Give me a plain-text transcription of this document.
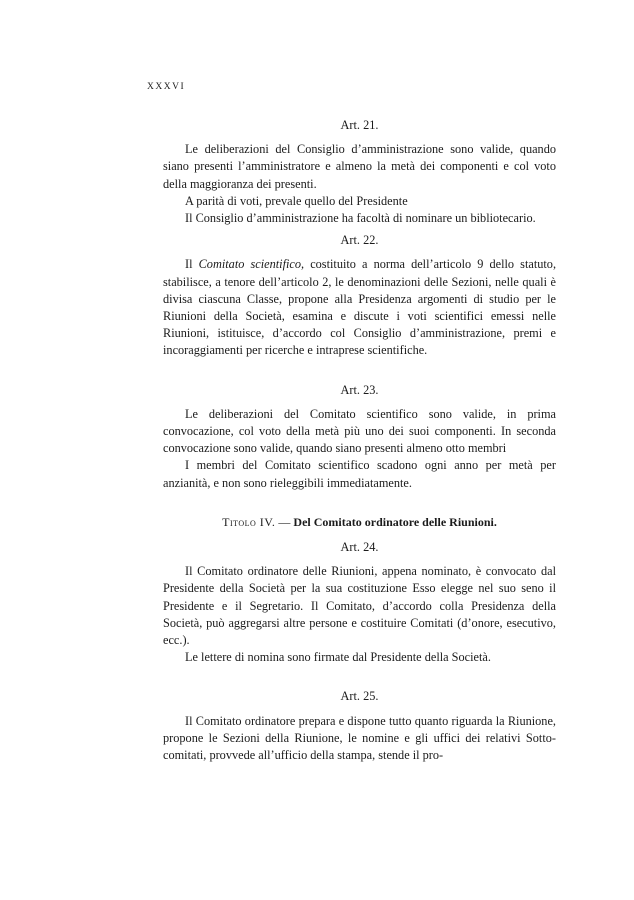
XXXVI
Art. 21.

Le deliberazioni del Consiglio d’amministrazione sono valide, quando siano presenti l’amministratore e almeno la metà dei componenti e col voto della maggioranza dei presenti.

A parità di voti, prevale quello del Presidente

Il Consiglio d’amministrazione ha facoltà di nominare un bibliotecario.

Art. 22.

Il Comitato scientifico, costituito a norma dell’articolo 9 dello statuto, stabilisce, a tenore dell’articolo 2, le denominazioni delle Sezioni, nelle quali è divisa ciascuna Classe, propone alla Presidenza argomenti di studio per le Riunioni della Società, esamina e discute i voti scientifici emessi nelle Riunioni, istituisce, d’accordo col Consiglio d’amministrazione, premi e incoraggiamenti per ricerche e intraprese scientifiche.

Art. 23.

Le deliberazioni del Comitato scientifico sono valide, in prima convocazione, col voto della metà più uno dei suoi componenti. In seconda convocazione sono valide, quando siano presenti almeno otto membri

I membri del Comitato scientifico scadono ogni anno per metà per anzianità, e non sono rieleggibili immediatamente.

Titolo IV. — Del Comitato ordinatore delle Riunioni.
Art. 24.

Il Comitato ordinatore delle Riunioni, appena nominato, è convocato dal Presidente della Società per la sua costituzione Esso elegge nel suo seno il Presidente e il Segretario. Il Comitato, d’accordo colla Presidenza della Società, può aggregarsi altre persone e costituire Comitati (d’onore, esecutivo, ecc.).

Le lettere di nomina sono firmate dal Presidente della Società.

Art. 25.

Il Comitato ordinatore prepara e dispone tutto quanto riguarda la Riunione, propone le Sezioni della Riunione, le nomine e gli uffici dei relativi Sotto-comitati, provvede all’ufficio della stampa, stende il pro-
